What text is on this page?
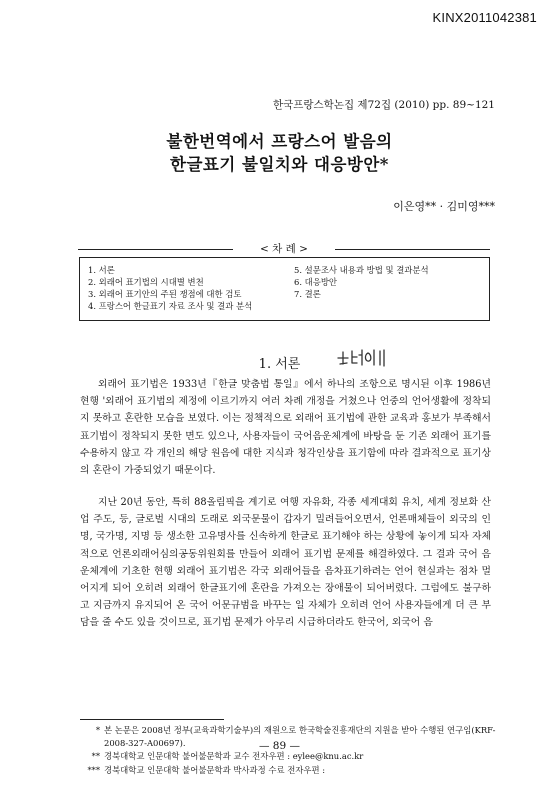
KINX2011042381
한국프랑스학논집 제72집 (2010) pp. 89~121
불한번역에서 프랑스어 발음의
한글표기 불일치와 대응방안*
이은영** · 김미영***
< 차 례 >
1. 서론
2. 외래어 표기법의 시대별 변천
3. 외래어 표기안의 주된 쟁점에 대한 검토
4. 프랑스어 한글표기 자료 조사 및 결과 분석
5. 설문조사 내용과 방법 및 결과분석
6. 대응방안
7. 결론
1. 서론

외래어 표기법은 1933년『한글 맞춤법 통일』에서 하나의 조항으로 명시된 이후 1986년 현행 '외래어 표기법의 제정에 이르기까지 여러 차례 개정을 거쳤으나 언중의 언어생활에 정착되지 못하고 혼란한 모습을 보였다. 이는 정책적으로 외래어 표기법에 관한 교육과 홍보가 부족해서 표기법이 정착되지 못한 면도 있으나, 사용자들이 국어음운체계에 바탕을 둔 기존 외래어 표기를 수용하지 않고 각 개인의 해당 원음에 대한 지식과 청각인상을 표기함에 따라 결과적으로 표기상의 혼란이 가중되었기 때문이다.

지난 20년 동안, 특히 88올림픽을 계기로 여행 자유화, 각종 세계대회 유치, 세계 정보화 산업 주도, 등, 글로벌 시대의 도래로 외국문물이 갑자기 밀려들어오면서, 언론매체들이 외국의 인명, 국가명, 지명 등 생소한 고유명사를 신속하게 한글로 표기해야 하는 상황에 놓이게 되자 자체적으로 언론외래어심의공동위원회를 만들어 외래어 표기법 문제를 해결하였다. 그 결과 국어 음운체계에 기초한 현행 외래어 표기법은 각국 외래어들을 음차표기하려는 언어 현실과는 점차 멀어지게 되어 오히려 외래어 한글표기에 혼란을 가져오는 장애물이 되어버렸다. 그럼에도 불구하고 지금까지 유지되어 온 국어 어문규범을 바꾸는 일 자체가 오히려 언어 사용자들에게 더 큰 부담을 줄 수도 있을 것이므로, 표기법 문제가 아무리 시급하더라도 한국어, 외국어 음

* 본 논문은 2008년 정부(교육과학기술부)의 재원으로 한국학술진흥재단의 지원을 받아 수행된 연구임(KRF-2008-327-A00697).
** 경북대학교 인문대학 불어불문학과 교수 전자우편 : eylee@knu.ac.kr
*** 경북대학교 인문대학 불어불문학과 박사과정 수료 전자우편 :
— 89 —
